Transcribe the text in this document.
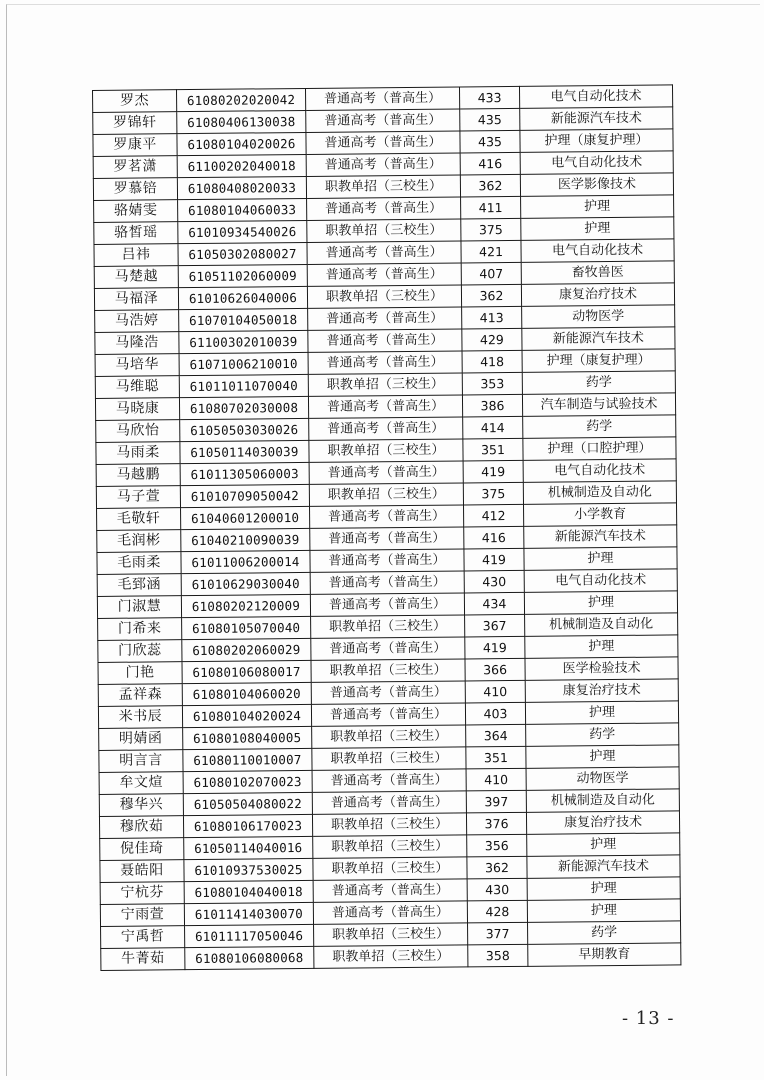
罗杰	61080202020042	普通高考（普高生）	433	电气自动化技术
罗锦轩	61080406130038	普通高考（普高生）	435	新能源汽车技术
罗康平	61080104020026	普通高考（普高生）	435	护理（康复护理）
罗茗潇	61100202040018	普通高考（普高生）	416	电气自动化技术
罗慕锫	61080408020033	职教单招（三校生）	362	医学影像技术
骆婧雯	61080104060033	普通高考（普高生）	411	护理
骆皙瑶	61010934540026	职教单招（三校生）	375	护理
吕祎	61050302080027	普通高考（普高生）	421	电气自动化技术
马楚越	61051102060009	普通高考（普高生）	407	畜牧兽医
马福泽	61010626040006	职教单招（三校生）	362	康复治疗技术
马浩婷	61070104050018	普通高考（普高生）	413	动物医学
马隆浩	61100302010039	普通高考（普高生）	429	新能源汽车技术
马培华	61071006210010	普通高考（普高生）	418	护理（康复护理）
马维聪	61011011070040	职教单招（三校生）	353	药学
马晓康	61080702030008	普通高考（普高生）	386	汽车制造与试验技术
马欣怡	61050503030026	普通高考（普高生）	414	药学
马雨柔	61050114030039	职教单招（三校生）	351	护理（口腔护理）
马越鹏	61011305060003	普通高考（普高生）	419	电气自动化技术
马子萱	61010709050042	职教单招（三校生）	375	机械制造及自动化
毛敬轩	61040601200010	普通高考（普高生）	412	小学教育
毛润彬	61040210090039	普通高考（普高生）	416	新能源汽车技术
毛雨柔	61011006200014	普通高考（普高生）	419	护理
毛郅涵	61010629030040	普通高考（普高生）	430	电气自动化技术
门淑慧	61080202120009	普通高考（普高生）	434	护理
门希来	61080105070040	职教单招（三校生）	367	机械制造及自动化
门欣蕊	61080202060029	普通高考（普高生）	419	护理
门艳	61080106080017	职教单招（三校生）	366	医学检验技术
孟祥森	61080104060020	普通高考（普高生）	410	康复治疗技术
米书辰	61080104020024	普通高考（普高生）	403	护理
明婧函	61080108040005	职教单招（三校生）	364	药学
明言言	61080110010007	职教单招（三校生）	351	护理
牟文煊	61080102070023	普通高考（普高生）	410	动物医学
穆华兴	61050504080022	普通高考（普高生）	397	机械制造及自动化
穆欣茹	61080106170023	职教单招（三校生）	376	康复治疗技术
倪佳琦	61050114040016	职教单招（三校生）	356	护理
聂皓阳	61010937530025	职教单招（三校生）	362	新能源汽车技术
宁杭芬	61080104040018	普通高考（普高生）	430	护理
宁雨萱	61011414030070	普通高考（普高生）	428	护理
宁禹哲	61011117050046	职教单招（三校生）	377	药学
牛菁茹	61080106080068	职教单招（三校生）	358	早期教育
- 13 -
